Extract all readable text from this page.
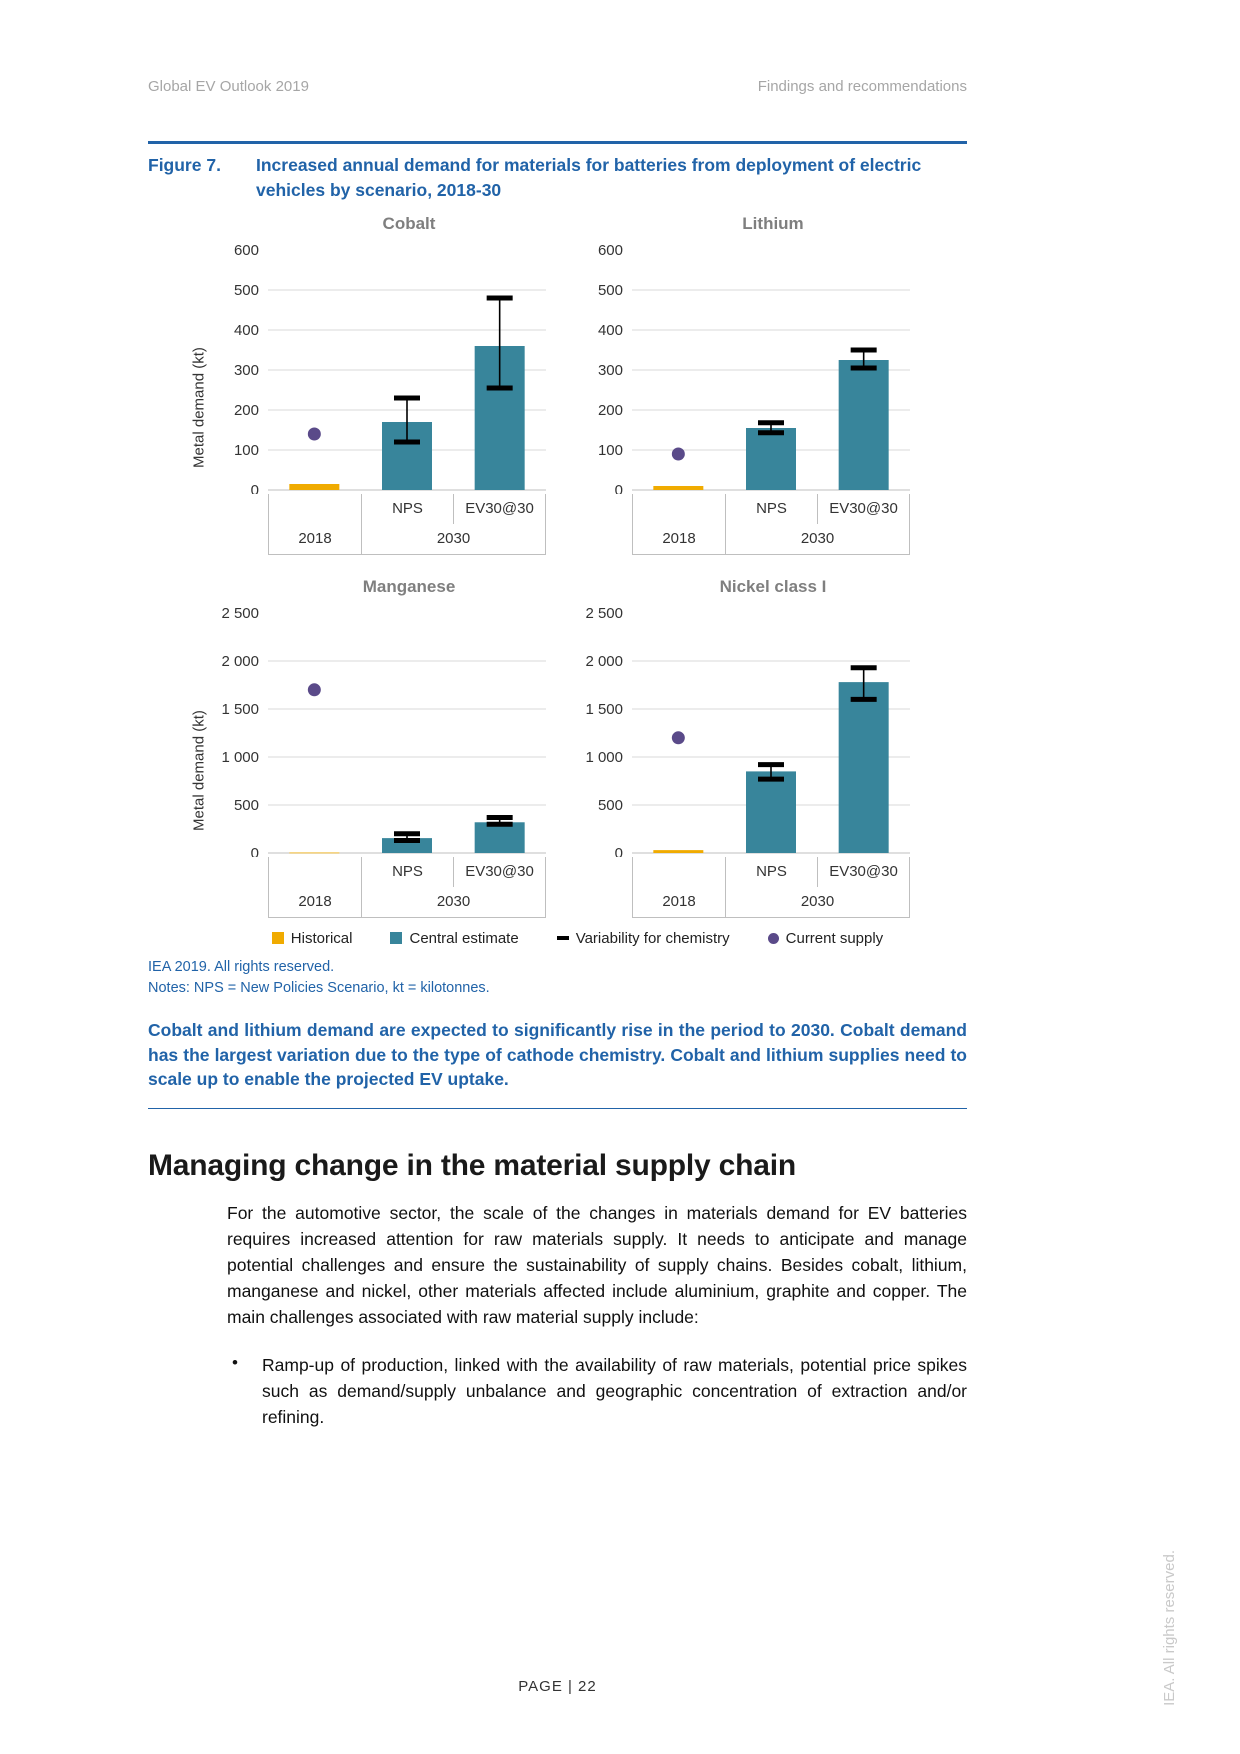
Global EV Outlook 2019	Findings and recommendations
Figure 7.	Increased annual demand for materials for batteries from deployment of electric vehicles by scenario, 2018-30
Metal demand (kt)
Cobalt
0
100
200
300
400
500
600
NPS	EV30@30
2018	2030
Lithium
0
100
200
300
400
500
600
NPS	EV30@30
2018	2030
Metal demand (kt)
Manganese
0
500
1 000
1 500
2 000
2 500
NPS	EV30@30
2018	2030
Nickel class I
0
500
1 000
1 500
2 000
2 500
NPS	EV30@30
2018	2030
Historical	Central estimate	Variability for chemistry	Current supply
IEA 2019. All rights reserved.
Notes: NPS = New Policies Scenario, kt = kilotonnes.
Cobalt and lithium demand are expected to significantly rise in the period to 2030. Cobalt demand has the largest variation due to the type of cathode chemistry. Cobalt and lithium supplies need to scale up to enable the projected EV uptake.
Managing change in the material supply chain

For the automotive sector, the scale of the changes in materials demand for EV batteries requires increased attention for raw materials supply. It needs to anticipate and manage potential challenges and ensure the sustainability of supply chains. Besides cobalt, lithium, manganese and nickel, other materials affected include aluminium, graphite and copper. The main challenges associated with raw material supply include:

•	Ramp-up of production, linked with the availability of raw materials, potential price spikes such as demand/supply unbalance and geographic concentration of extraction and/or refining.
PAGE | 22	IEA. All rights reserved.
